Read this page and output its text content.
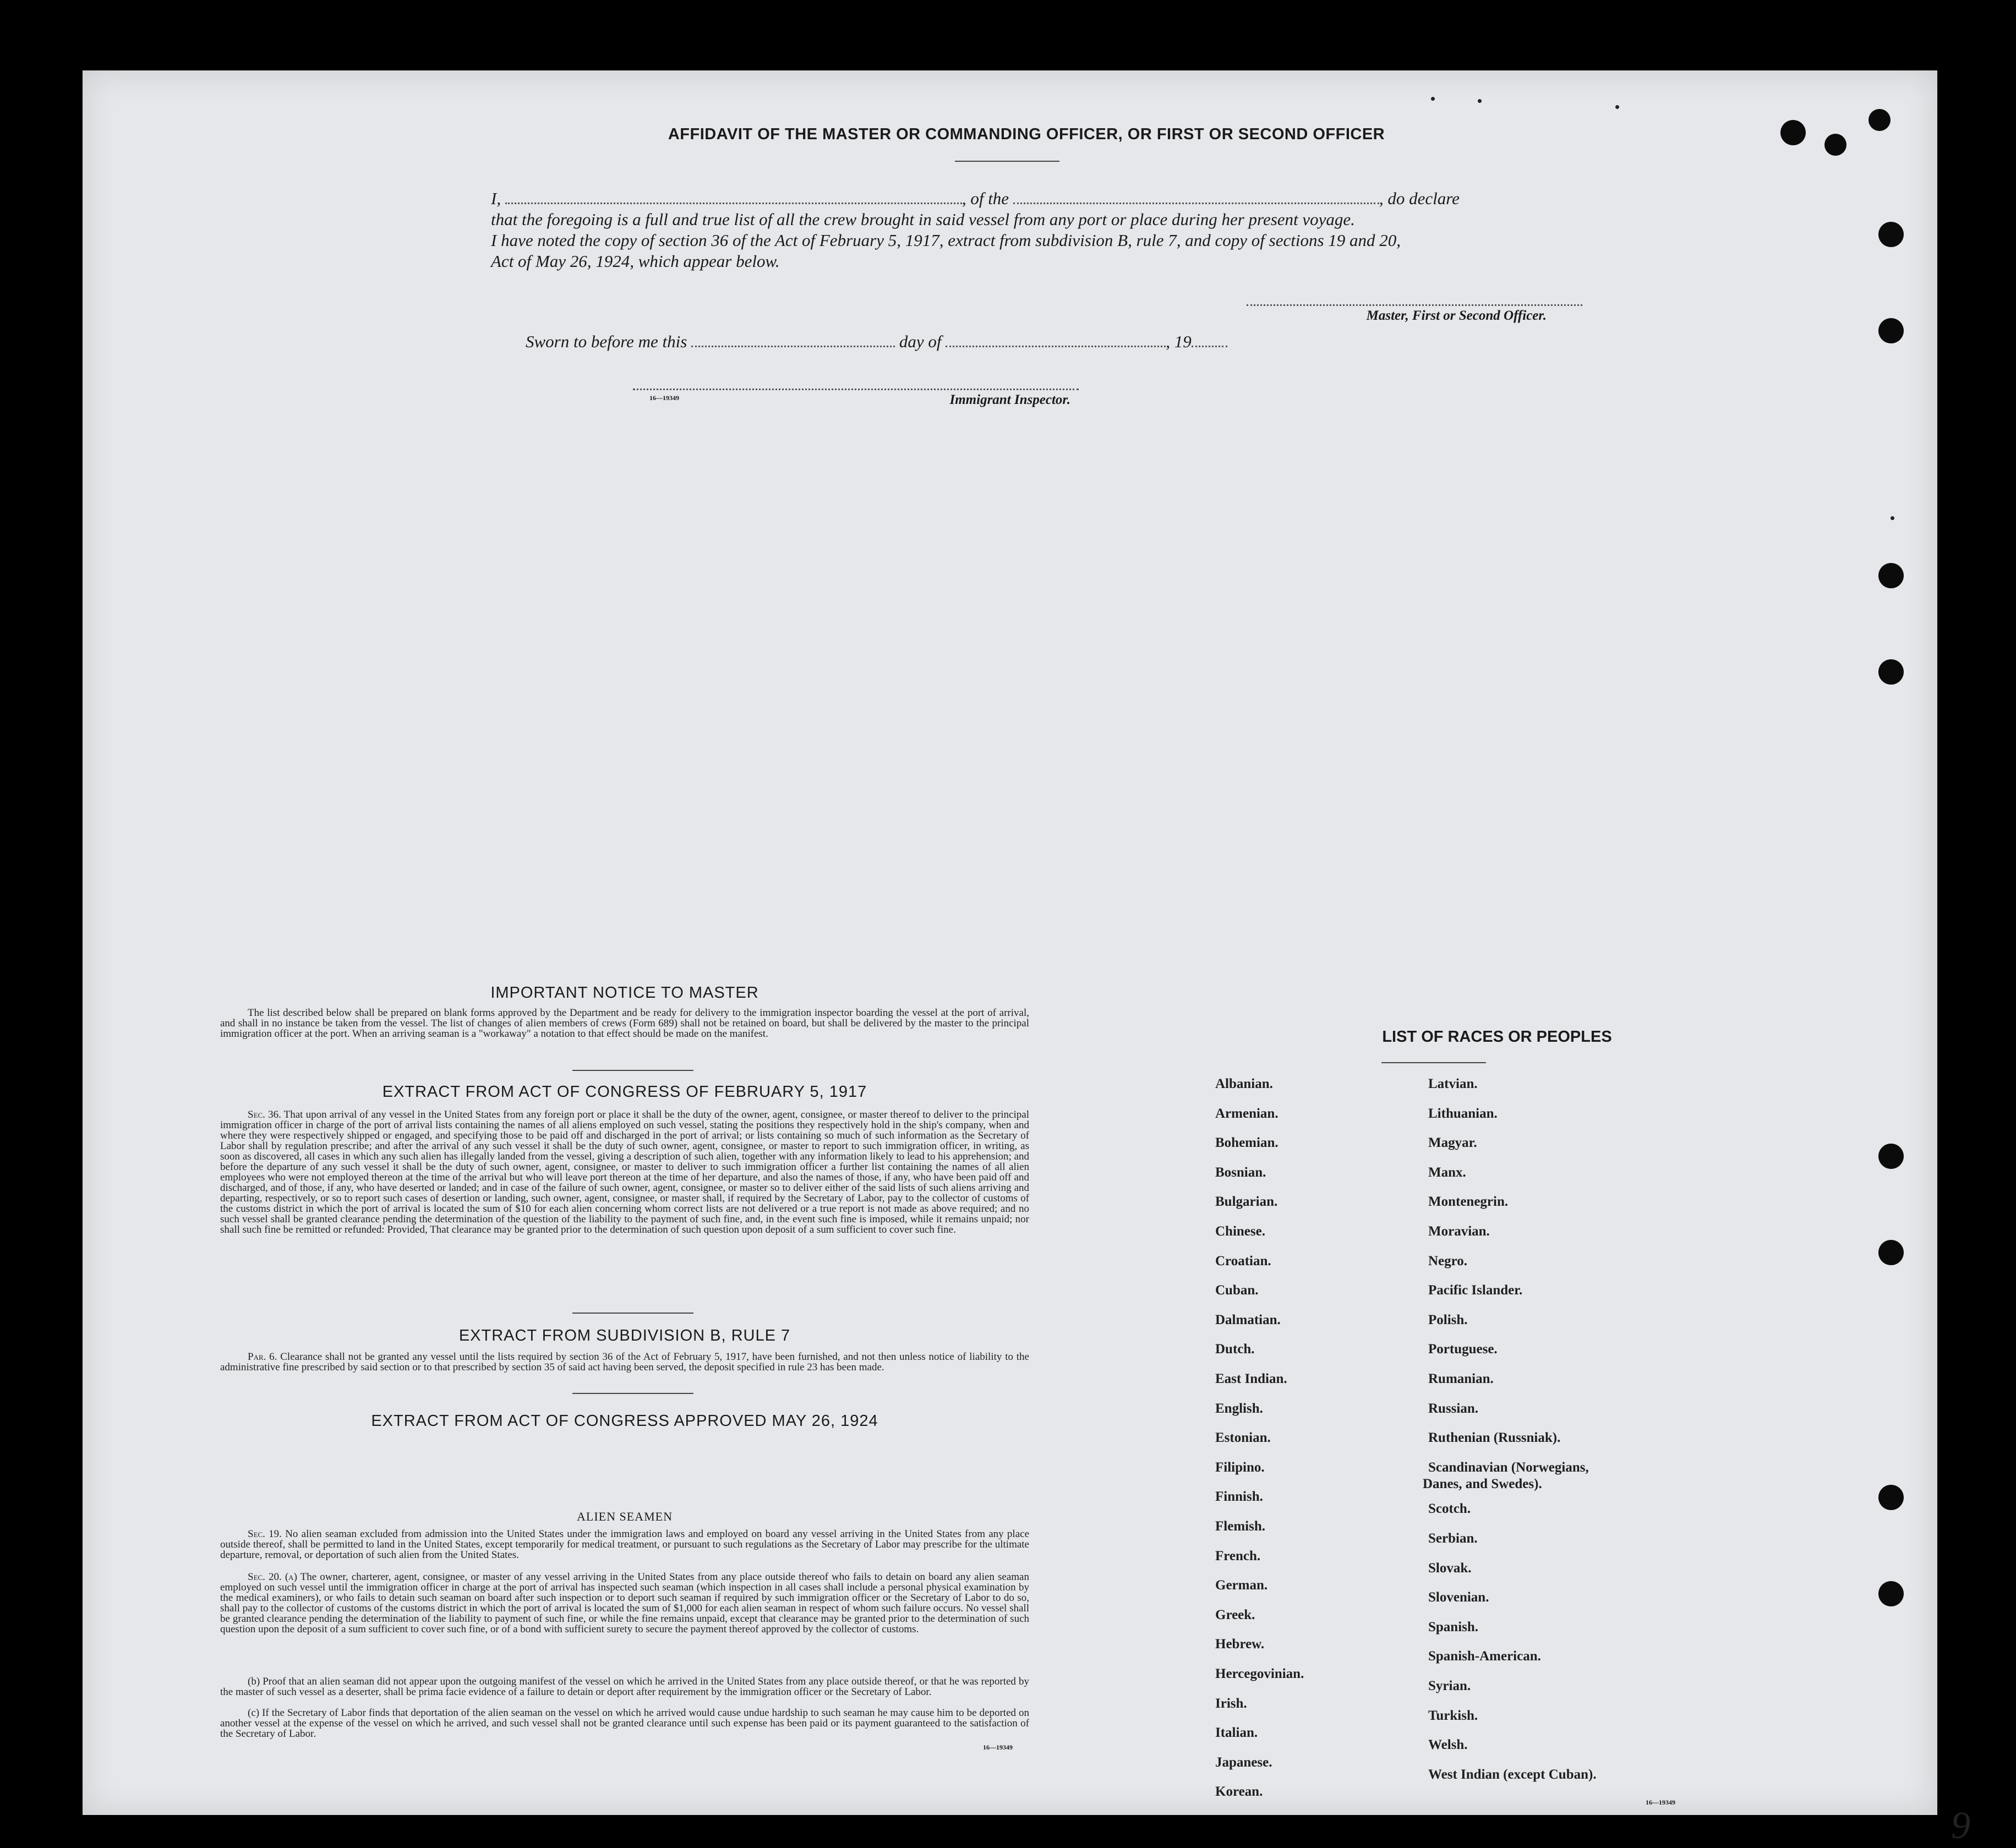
AFFIDAVIT OF THE MASTER OR COMMANDING OFFICER, OR FIRST OR SECOND OFFICER
I,	, of the	, do declare
that the foregoing is a full and true list of all the crew brought in said vessel from any port or place during her present voyage.
I have noted the copy of section 36 of the Act of February 5, 1917, extract from subdivision B, rule 7, and copy of sections 19 and 20,
Act of May 26, 1924, which appear below.
Master, First or Second Officer.
Sworn to before me this	day of	, 19
16—19349	Immigrant Inspector.
IMPORTANT NOTICE TO MASTER
The list described below shall be prepared on blank forms approved by the Department and be ready for delivery to the immigration inspector boarding the vessel at the port of arrival, and shall in no instance be taken from the vessel. The list of changes of alien members of crews (Form 689) shall not be retained on board, but shall be delivered by the master to the principal immigration officer at the port. When an arriving seaman is a "workaway" a notation to that effect should be made on the manifest.
EXTRACT FROM ACT OF CONGRESS OF FEBRUARY 5, 1917
Sec. 36. That upon arrival of any vessel in the United States from any foreign port or place it shall be the duty of the owner, agent, consignee, or master thereof to deliver to the principal immigration officer in charge of the port of arrival lists containing the names of all aliens employed on such vessel, stating the positions they respectively hold in the ship's company, when and where they were respectively shipped or engaged, and specifying those to be paid off and discharged in the port of arrival; or lists containing so much of such information as the Secretary of Labor shall by regulation prescribe; and after the arrival of any such vessel it shall be the duty of such owner, agent, consignee, or master to report to such immigration officer, in writing, as soon as discovered, all cases in which any such alien has illegally landed from the vessel, giving a description of such alien, together with any information likely to lead to his apprehension; and before the departure of any such vessel it shall be the duty of such owner, agent, consignee, or master to deliver to such immigration officer a further list containing the names of all alien employees who were not employed thereon at the time of the arrival but who will leave port thereon at the time of her departure, and also the names of those, if any, who have been paid off and discharged, and of those, if any, who have deserted or landed; and in case of the failure of such owner, agent, consignee, or master so to deliver either of the said lists of such aliens arriving and departing, respectively, or so to report such cases of desertion or landing, such owner, agent, consignee, or master shall, if required by the Secretary of Labor, pay to the collector of customs of the customs district in which the port of arrival is located the sum of $10 for each alien concerning whom correct lists are not delivered or a true report is not made as above required; and no such vessel shall be granted clearance pending the determination of the question of the liability to the payment of such fine, and, in the event such fine is imposed, while it remains unpaid; nor shall such fine be remitted or refunded: Provided, That clearance may be granted prior to the determination of such question upon deposit of a sum sufficient to cover such fine.
EXTRACT FROM SUBDIVISION B, RULE 7
Par. 6. Clearance shall not be granted any vessel until the lists required by section 36 of the Act of February 5, 1917, have been furnished, and not then unless notice of liability to the administrative fine prescribed by said section or to that prescribed by section 35 of said act having been served, the deposit specified in rule 23 has been made.
EXTRACT FROM ACT OF CONGRESS APPROVED MAY 26, 1924
ALIEN SEAMEN
Sec. 19. No alien seaman excluded from admission into the United States under the immigration laws and employed on board any vessel arriving in the United States from any place outside thereof, shall be permitted to land in the United States, except temporarily for medical treatment, or pursuant to such regulations as the Secretary of Labor may prescribe for the ultimate departure, removal, or deportation of such alien from the United States.
Sec. 20. (a) The owner, charterer, agent, consignee, or master of any vessel arriving in the United States from any place outside thereof who fails to detain on board any alien seaman employed on such vessel until the immigration officer in charge at the port of arrival has inspected such seaman (which inspection in all cases shall include a personal physical examination by the medical examiners), or who fails to detain such seaman on board after such inspection or to deport such seaman if required by such immigration officer or the Secretary of Labor to do so, shall pay to the collector of customs of the customs district in which the port of arrival is located the sum of $1,000 for each alien seaman in respect of whom such failure occurs. No vessel shall be granted clearance pending the determination of the liability to payment of such fine, or while the fine remains unpaid, except that clearance may be granted prior to the determination of such question upon the deposit of a sum sufficient to cover such fine, or of a bond with sufficient surety to secure the payment thereof approved by the collector of customs.
(b) Proof that an alien seaman did not appear upon the outgoing manifest of the vessel on which he arrived in the United States from any place outside thereof, or that he was reported by the master of such vessel as a deserter, shall be prima facie evidence of a failure to detain or deport after requirement by the immigration officer or the Secretary of Labor.
(c) If the Secretary of Labor finds that deportation of the alien seaman on the vessel on which he arrived would cause undue hardship to such seaman he may cause him to be deported on another vessel at the expense of the vessel on which he arrived, and such vessel shall not be granted clearance until such expense has been paid or its payment guaranteed to the satisfaction of the Secretary of Labor.
16—19349
LIST OF RACES OR PEOPLES
Albanian.
Armenian.
Bohemian.
Bosnian.
Bulgarian.
Chinese.
Croatian.
Cuban.
Dalmatian.
Dutch.
East Indian.
English.
Estonian.
Filipino.
Finnish.
Flemish.
French.
German.
Greek.
Hebrew.
Hercegovinian.
Irish.
Italian.
Japanese.
Korean.
Latvian.
Lithuanian.
Magyar.
Manx.
Montenegrin.
Moravian.
Negro.
Pacific Islander.
Polish.
Portuguese.
Rumanian.
Russian.
Ruthenian (Russniak).
Scandinavian (Norwegians,
Danes, and Swedes).
Scotch.
Serbian.
Slovak.
Slovenian.
Spanish.
Spanish-American.
Syrian.
Turkish.
Welsh.
West Indian (except Cuban).
16—19349
9
